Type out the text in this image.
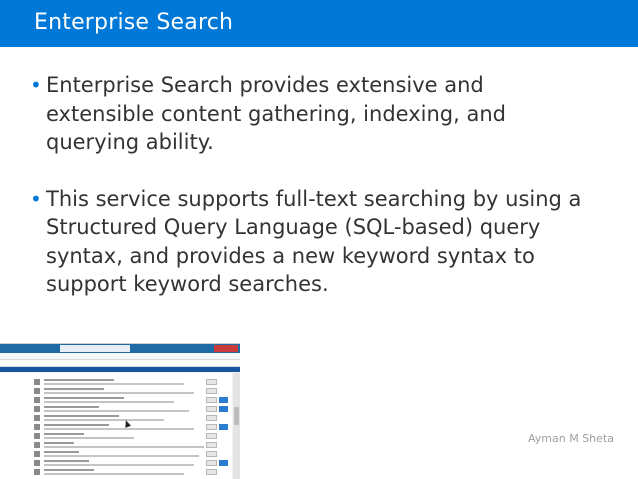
Enterprise Search
• Enterprise Search provides extensive and
extensible content gathering, indexing, and
querying ability.
• This service supports full-text searching by using a
Structured Query Language (SQL-based) query
syntax, and provides a new keyword syntax to
support keyword searches.
Ayman M Sheta
